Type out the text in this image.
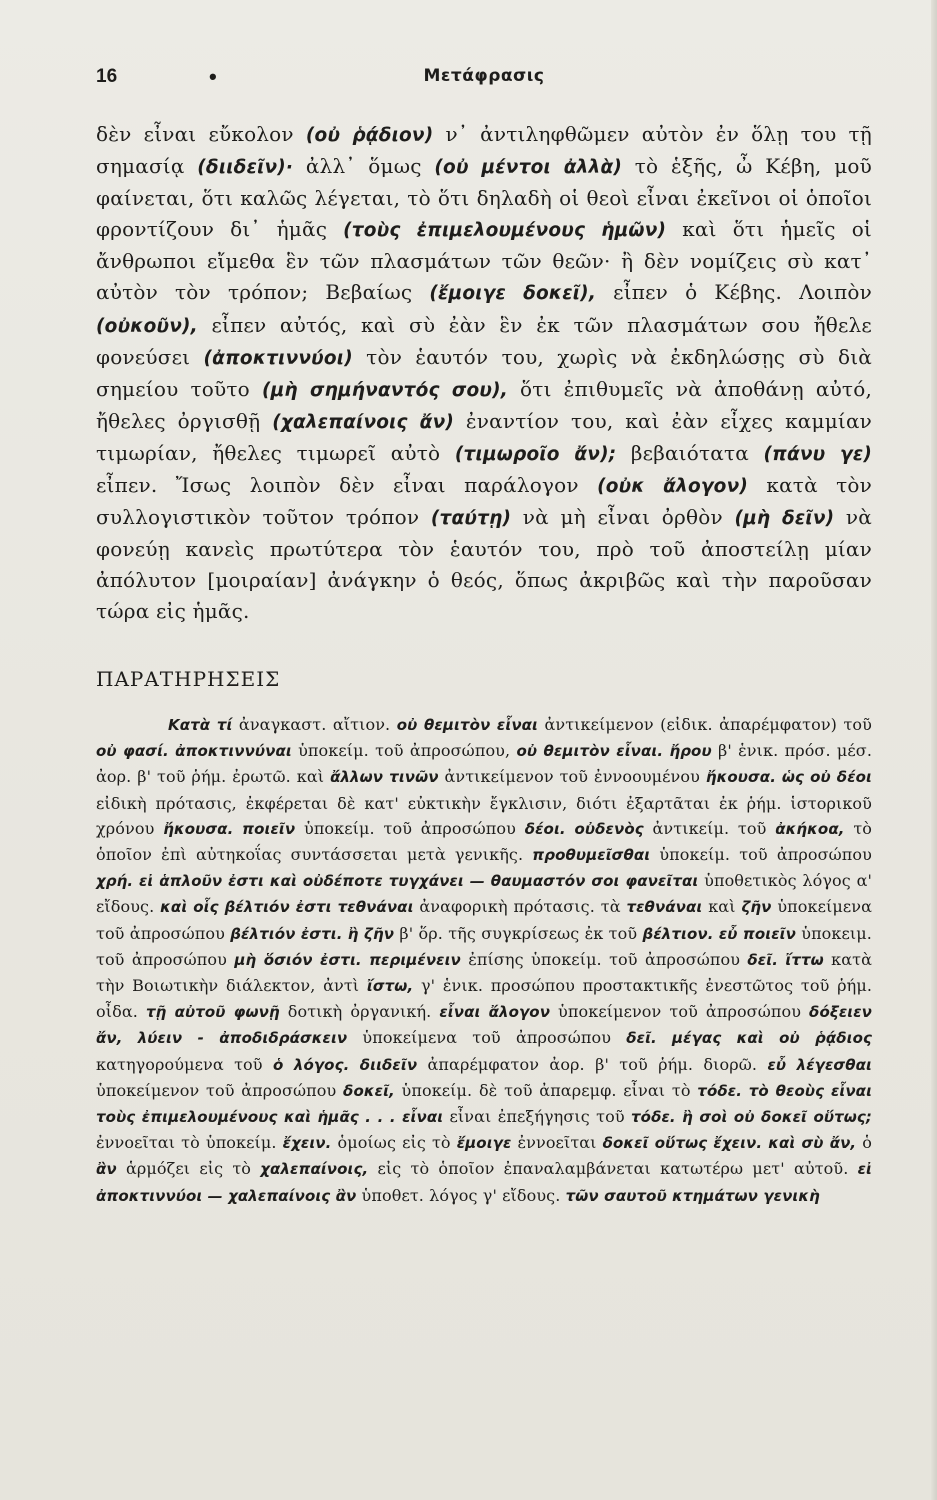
16	•	Μετάφρασις

δὲν εἶναι εὔκολον (οὐ ῥᾴδιον) ν᾿ ἀντιληφθῶμεν αὐτὸν ἐν ὅλῃ του τῇ σημασίᾳ (διιδεῖν)· ἀλλ᾿ ὅμως (οὐ μέντοι ἀλλὰ) τὸ ἑξῆς, ὦ Κέβη, μοῦ φαίνεται, ὅτι καλῶς λέγεται, τὸ ὅτι δηλαδὴ οἱ θεοὶ εἶναι ἐκεῖνοι οἱ ὁποῖοι φροντίζουν δι᾿ ἡμᾶς (τοὺς ἐπιμελουμένους ἡμῶν) καὶ ὅτι ἡμεῖς οἱ ἄνθρωποι εἴμεθα ἓν τῶν πλασμάτων τῶν θεῶν· ἢ δὲν νομίζεις σὺ κατ᾿ αὐτὸν τὸν τρόπον; Βεβαίως (ἔμοιγε δοκεῖ), εἶπεν ὁ Κέβης. Λοιπὸν (οὐκοῦν), εἶπεν αὐτός, καὶ σὺ ἐὰν ἓν ἐκ τῶν πλασμάτων σου ἤθελε φονεύσει (ἀποκτιννύοι) τὸν ἑαυτόν του, χωρὶς νὰ ἐκδηλώσῃς σὺ διὰ σημείου τοῦτο (μὴ σημήναντός σου), ὅτι ἐπιθυμεῖς νὰ ἀποθάνῃ αὐτό, ἤθελες ὀργισθῇ (χαλεπαίνοις ἄν) ἐναντίον του, καὶ ἐὰν εἶχες καμμίαν τιμωρίαν, ἤθελες τιμωρεῖ αὐτὸ (τιμωροῖο ἄν); βεβαιότατα (πάνυ γε) εἶπεν. Ἴσως λοιπὸν δὲν εἶναι παράλογον (οὐκ ἄλογον) κατὰ τὸν συλλογιστικὸν τοῦτον τρόπον (ταύτῃ) νὰ μὴ εἶναι ὀρθὸν (μὴ δεῖν) νὰ φονεύῃ κανεὶς πρωτύτερα τὸν ἑαυτόν του, πρὸ τοῦ ἀποστείλῃ μίαν ἀπόλυτον [μοιραίαν] ἀνάγκην ὁ θεός, ὅπως ἀκριβῶς καὶ τὴν παροῦσαν τώρα εἰς ἡμᾶς.

ΠΑΡΑΤΗΡΗΣΕΙΣ

Κατὰ τί ἀναγκαστ. αἴτιον. οὐ θεμιτὸν εἶναι ἀντικείμενον (εἰδικ. ἀπαρέμφατον) τοῦ οὐ φασί. ἀποκτιννύναι ὑποκείμ. τοῦ ἀπροσώπου, οὐ θεμιτὸν εἶναι. ἤρου β' ἑνικ. πρόσ. μέσ. ἀορ. β' τοῦ ῥήμ. ἐρωτῶ. καὶ ἄλλων τινῶν ἀντικείμενον τοῦ ἐννοουμένου ἤκουσα. ὡς οὐ δέοι εἰδικὴ πρότασις, ἐκφέρεται δὲ κατ' εὐκτικὴν ἔγκλισιν, διότι ἐξαρτᾶται ἐκ ῥήμ. ἱστορικοῦ χρόνου ἤκουσα. ποιεῖν ὑποκείμ. τοῦ ἀπροσώπου δέοι. οὐδενὸς ἀντικείμ. τοῦ ἀκήκοα, τὸ ὁποῖον ἐπὶ αὐτηκοΐας συντάσσεται μετὰ γενικῆς. προθυμεῖσθαι ὑποκείμ. τοῦ ἀπροσώπου χρή. εἰ ἁπλοῦν ἐστι καὶ οὐδέποτε τυγχάνει — θαυμαστόν σοι φανεῖται ὑποθετικὸς λόγος α' εἴδους. καὶ οἷς βέλτιόν ἐστι τεθνάναι ἀναφορικὴ πρότασις. τὰ τεθνάναι καὶ ζῆν ὑποκείμενα τοῦ ἀπροσώπου βέλτιόν ἐστι. ἢ ζῆν β' ὅρ. τῆς συγκρίσεως ἐκ τοῦ βέλτιον. εὖ ποιεῖν ὑποκειμ. τοῦ ἀπροσώπου μὴ ὅσιόν ἐστι. περιμένειν ἐπίσης ὑποκείμ. τοῦ ἀπροσώπου δεῖ. ἴττω κατὰ τὴν Βοιωτικὴν διάλεκτον, ἀντὶ ἴστω, γ' ἑνικ. προσώπου προστακτικῆς ἐνεστῶτος τοῦ ῥήμ. οἶδα. τῇ αὐτοῦ φωνῇ δοτικὴ ὀργανική. εἶναι ἄλογον ὑποκείμενον τοῦ ἀπροσώπου δόξειεν ἄν, λύειν - ἀποδιδράσκειν ὑποκείμενα τοῦ ἀπροσώπου δεῖ. μέγας καὶ οὐ ῥᾴδιος κατηγορούμενα τοῦ ὁ λόγος. διιδεῖν ἀπαρέμφατον ἀορ. β' τοῦ ῥήμ. διορῶ. εὖ λέγεσθαι ὑποκείμενον τοῦ ἀπροσώπου δοκεῖ, ὑποκείμ. δὲ τοῦ ἀπαρεμφ. εἶναι τὸ τόδε. τὸ θεοὺς εἶναι τοὺς ἐπιμελουμένους καὶ ἡμᾶς . . . εἶναι εἶναι ἐπεξήγησις τοῦ τόδε. ἢ σοὶ οὐ δοκεῖ οὕτως; ἐννοεῖται τὸ ὑποκείμ. ἔχειν. ὁμοίως εἰς τὸ ἔμοιγε ἐννοεῖται δοκεῖ οὕτως ἔχειν. καὶ σὺ ἄν, ὁ ἂν ἁρμόζει εἰς τὸ χαλεπαίνοις, εἰς τὸ ὁποῖον ἐπαναλαμβάνεται κατωτέρω μετ' αὐτοῦ. εἰ ἀποκτιννύοι — χαλεπαίνοις ἂν ὑποθετ. λόγος γ' εἴδους. τῶν σαυτοῦ κτημάτων γενικὴ
